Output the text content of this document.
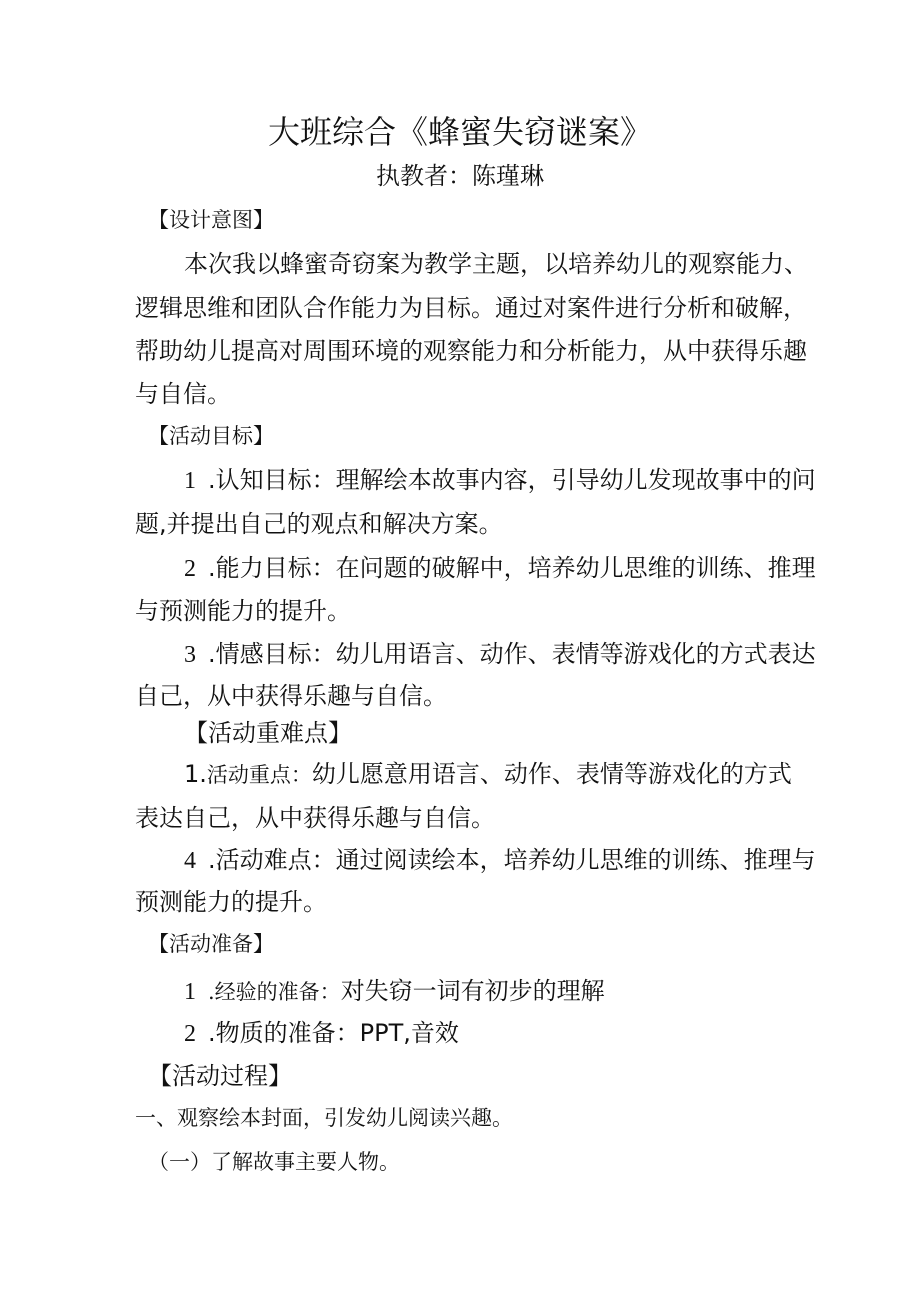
大班综合《蜂蜜失窃谜案》
执教者：陈瑾琳
【设计意图】
本次我以蜂蜜奇窃案为教学主题，以培养幼儿的观察能力、
逻辑思维和团队合作能力为目标。通过对案件进行分析和破解，
帮助幼儿提高对周围环境的观察能力和分析能力，从中获得乐趣
与自信。
【活动目标】
1 .认知目标：理解绘本故事内容，引导幼儿发现故事中的问
题,并提出自己的观点和解决方案。
2 .能力目标：在问题的破解中，培养幼儿思维的训练、推理
与预测能力的提升。
3 .情感目标：幼儿用语言、动作、表情等游戏化的方式表达
自己，从中获得乐趣与自信。
【活动重难点】
1.活动重点：幼儿愿意用语言、动作、表情等游戏化的方式
表达自己，从中获得乐趣与自信。
4 .活动难点：通过阅读绘本，培养幼儿思维的训练、推理与
预测能力的提升。
【活动准备】
1 .经验的准备：对失窃一词有初步的理解
2 .物质的准备：PPT,音效
【活动过程】
一、观察绘本封面，引发幼儿阅读兴趣。
（一）了解故事主要人物。
